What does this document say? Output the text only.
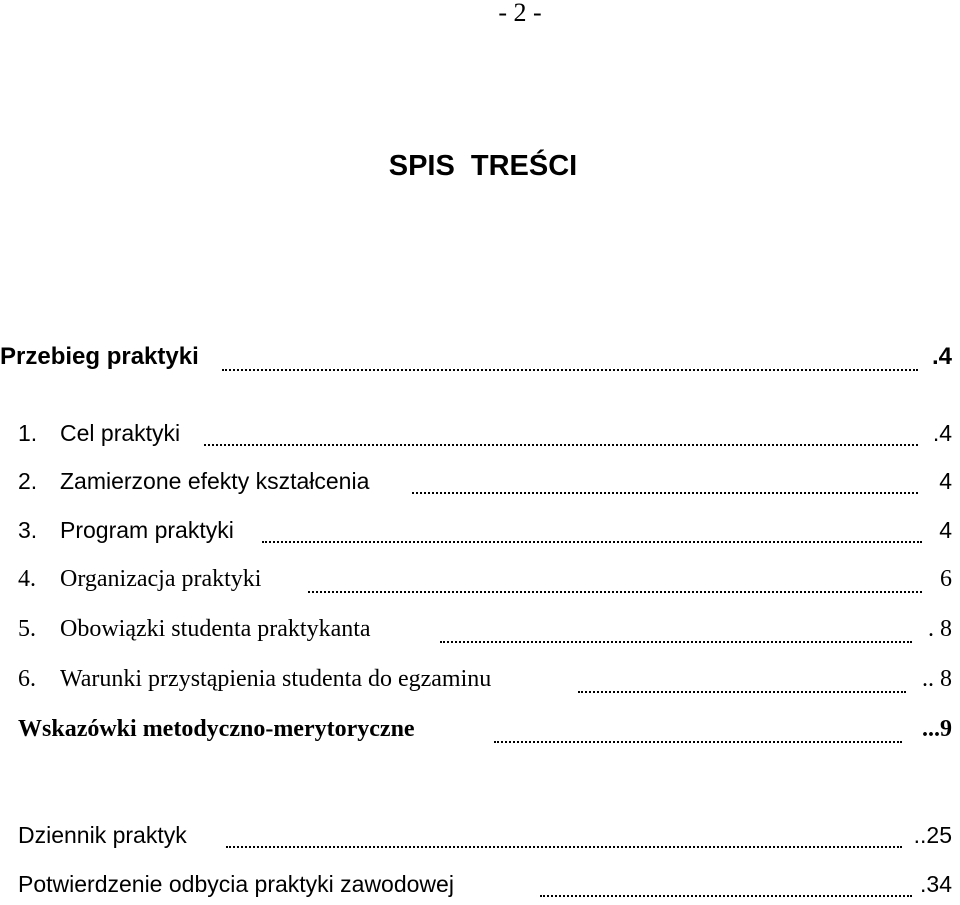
- 2 -
SPIS TREŚCI
Przebieg praktyki	.4
1. Cel praktyki	.4
2. Zamierzone efekty kształcenia	4
3. Program praktyki	4
4. Organizacja praktyki	6
5. Obowiązki studenta praktykanta	. 8
6. Warunki przystąpienia studenta do egzaminu	.. 8
Wskazówki metodyczno-merytoryczne	...9
Dziennik praktyk	..25
Potwierdzenie odbycia praktyki zawodowej	.34
